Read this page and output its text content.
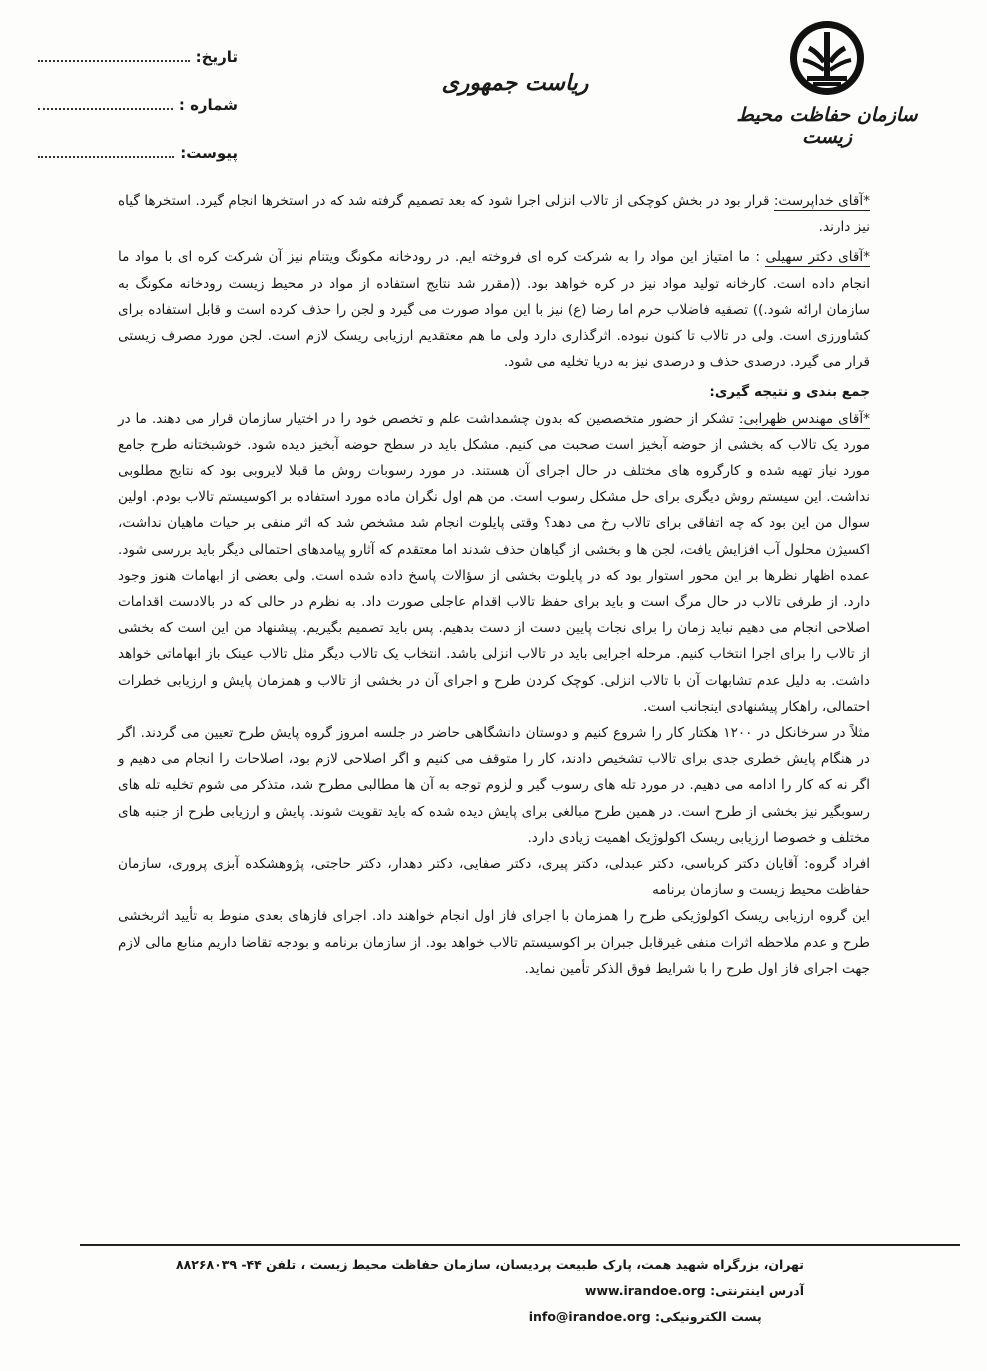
سازمان حفاظت محیط زیست
ریاست جمهوری
تاریخ:
شماره :
پیوست:

*آقای خداپرست: قرار بود در بخش کوچکی از تالاب انزلی اجرا شود که بعد تصمیم گرفته شد که در استخرها انجام گیرد. استخرها گیاه نیز دارند.

*آقای دکتر سهیلی : ما امتیاز این مواد را به شرکت کره ای فروخته ایم. در رودخانه مکونگ ویتنام نیز آن شرکت کره ای با مواد ما انجام داده است. کارخانه تولید مواد نیز در کره خواهد بود. ((مقرر شد نتایج استفاده از مواد در محیط زیست رودخانه مکونگ به سازمان ارائه شود.)) تصفیه فاضلاب حرم اما رضا (ع) نیز با این مواد صورت می گیرد و لجن را حذف کرده است و قابل استفاده برای کشاورزی است. ولی در تالاب تا کنون نبوده. اثرگذاری دارد ولی ما هم معتقدیم ارزیابی ریسک لازم است. لجن مورد مصرف زیستی قرار می گیرد. درصدی حذف و درصدی نیز به دریا تخلیه می شود.

جمع بندی و نتیجه گیری:

*آقای مهندس ظهرابی: تشکر از حضور متخصصین که بدون چشمداشت علم و تخصص خود را در اختیار سازمان قرار می دهند. ما در مورد یک تالاب که بخشی از حوضه آبخیز است صحبت می کنیم. مشکل باید در سطح حوضه آبخیز دیده شود. خوشبختانه طرح جامع مورد نیاز تهیه شده و کارگروه های مختلف در حال اجرای آن هستند. در مورد رسوبات روش ما قبلا لایروبی بود که نتایج مطلوبی نداشت. این سیستم روش دیگری برای حل مشکل رسوب است. من هم اول نگران ماده مورد استفاده بر اکوسیستم تالاب بودم. اولین سوال من این بود که چه اتفاقی برای تالاب رخ می دهد؟ وقتی پایلوت انجام شد مشخص شد که اثر منفی بر حیات ماهیان نداشت، اکسیژن محلول آب افزایش یافت، لجن ها و بخشی از گیاهان حذف شدند اما معتقدم که آثارو پیامدهای احتمالی دیگر باید بررسی شود. عمده اظهار نظرها بر این محور استوار بود که در پایلوت بخشی از سؤالات پاسخ داده شده است. ولی بعضی از ابهامات هنوز وجود دارد. از طرفی تالاب در حال مرگ است و باید برای حفظ تالاب اقدام عاجلی صورت داد. به نظرم در حالی که در بالادست اقدامات اصلاحی انجام می دهیم نباید زمان را برای نجات پایین دست از دست بدهیم. پس باید تصمیم بگیریم. پیشنهاد من این است که بخشی از تالاب را برای اجرا انتخاب کنیم. مرحله اجرایی باید در تالاب انزلی باشد. انتخاب یک تالاب دیگر مثل تالاب عینک باز ابهاماتی خواهد داشت. به دلیل عدم تشابهات آن با تالاب انزلی. کوچک کردن طرح و اجرای آن در بخشی از تالاب و همزمان پایش و ارزیابی خطرات احتمالی، راهکار پیشنهادی اینجانب است.

مثلاً در سرخانکل در ۱۲۰۰ هکتار کار را شروع کنیم و دوستان دانشگاهی حاضر در جلسه امروز گروه پایش طرح تعیین می گردند. اگر در هنگام پایش خطری جدی برای تالاب تشخیص دادند، کار را متوقف می کنیم و اگر اصلاحی لازم بود، اصلاحات را انجام می دهیم و اگر نه که کار را ادامه می دهیم. در مورد تله های رسوب گیر و لزوم توجه به آن ها مطالبی مطرح شد، متذکر می شوم تخلیه تله های رسوبگیر نیز بخشی از طرح است. در همین طرح مبالغی برای پایش دیده شده که باید تقویت شوند. پایش و ارزیابی طرح از جنبه های مختلف و خصوصا ارزیابی ریسک اکولوژیک اهمیت زیادی دارد.

افراد گروه: آقایان دکتر کرباسی، دکتر عبدلی، دکتر پیری، دکتر صفایی، دکتر دهدار، دکتر حاجتی، پژوهشکده آبزی پروری، سازمان حفاظت محیط زیست و سازمان برنامه

این گروه ارزیابی ریسک اکولوژیکی طرح را همزمان با اجرای فاز اول انجام خواهند داد. اجرای فازهای بعدی منوط به تأیید اثربخشی طرح و عدم ملاحظه اثرات منفی غیرقابل جبران بر اکوسیستم تالاب خواهد بود. از سازمان برنامه و بودجه تقاضا داریم منابع مالی لازم جهت اجرای فاز اول طرح را با شرایط فوق الذکر تأمین نماید.

تهران، بزرگراه شهید همت، پارک طبیعت پردیسان، سازمان حفاظت محیط زیست ، تلفن ۴۴- ۸۸۲۶۸۰۳۹
آدرس اینترنتی: www.irandoe.org
پست الکترونیکی: info@irandoe.org
